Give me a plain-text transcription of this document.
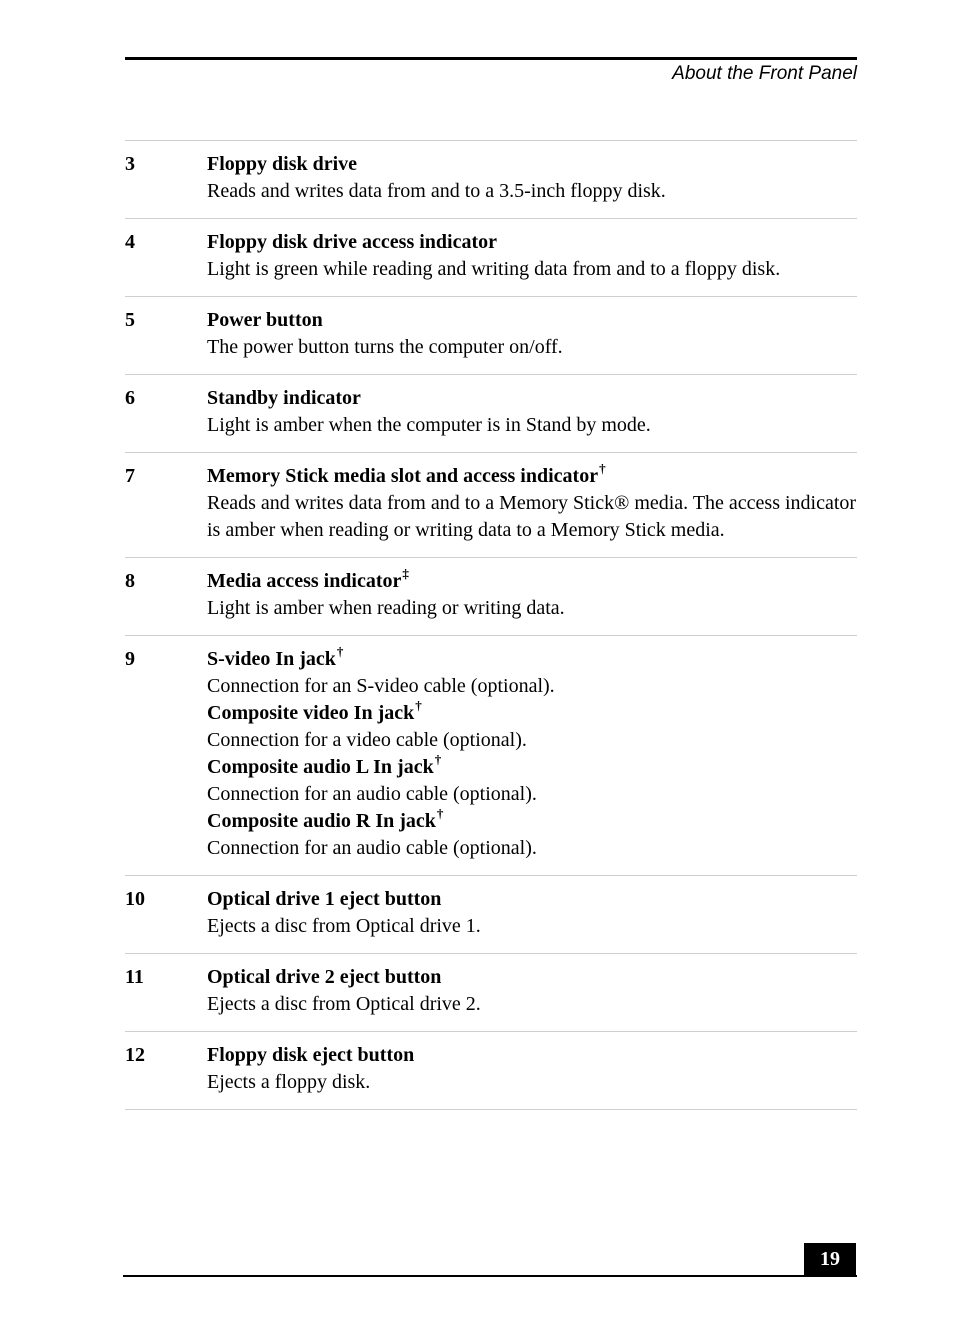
About the Front Panel
3	Floppy disk drive
Reads and writes data from and to a 3.5-inch floppy disk.
4	Floppy disk drive access indicator
Light is green while reading and writing data from and to a floppy disk.
5	Power button
The power button turns the computer on/off.
6	Standby indicator
Light is amber when the computer is in Stand by mode.
7	Memory Stick media slot and access indicator†
Reads and writes data from and to a Memory Stick® media. The access indicator is amber when reading or writing data to a Memory Stick media.
8	Media access indicator‡
Light is amber when reading or writing data.
9	S-video In jack†
Connection for an S-video cable (optional).
Composite video In jack†
Connection for a video cable (optional).
Composite audio L In jack†
Connection for an audio cable (optional).
Composite audio R In jack†
Connection for an audio cable (optional).
10	Optical drive 1 eject button
Ejects a disc from Optical drive 1.
11	Optical drive 2 eject button
Ejects a disc from Optical drive 2.
12	Floppy disk eject button
Ejects a floppy disk.
19
